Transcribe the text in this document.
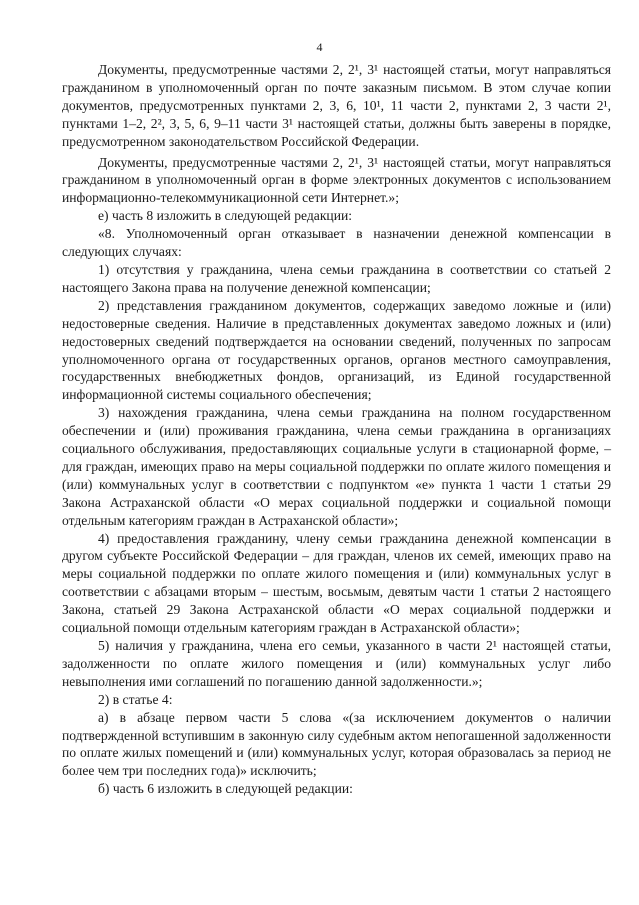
4

Документы, предусмотренные частями 2, 2¹, 3¹ настоящей статьи, могут направляться гражданином в уполномоченный орган по почте заказным письмом. В этом случае копии документов, предусмотренных пунктами 2, 3, 6, 10¹, 11 части 2, пунктами 2, 3 части 2¹, пунктами 1–2, 2², 3, 5, 6, 9–11 части 3¹ настоящей статьи, должны быть заверены в порядке, предусмотренном законодательством Российской Федерации.

Документы, предусмотренные частями 2, 2¹, 3¹ настоящей статьи, могут направляться гражданином в уполномоченный орган в форме электронных документов с использованием информационно-телекоммуникационной сети Интернет.»;

е) часть 8 изложить в следующей редакции:

«8. Уполномоченный орган отказывает в назначении денежной компенсации в следующих случаях:

1) отсутствия у гражданина, члена семьи гражданина в соответствии со статьей 2 настоящего Закона права на получение денежной компенсации;

2) представления гражданином документов, содержащих заведомо ложные и (или) недостоверные сведения. Наличие в представленных документах заведомо ложных и (или) недостоверных сведений подтверждается на основании сведений, полученных по запросам уполномоченного органа от государственных органов, органов местного самоуправления, государственных внебюджетных фондов, организаций, из Единой государственной информационной системы социального обеспечения;

3) нахождения гражданина, члена семьи гражданина на полном государственном обеспечении и (или) проживания гражданина, члена семьи гражданина в организациях социального обслуживания, предоставляющих социальные услуги в стационарной форме, – для граждан, имеющих право на меры социальной поддержки по оплате жилого помещения и (или) коммунальных услуг в соответствии с подпунктом «е» пункта 1 части 1 статьи 29 Закона Астраханской области «О мерах социальной поддержки и социальной помощи отдельным категориям граждан в Астраханской области»;

4) предоставления гражданину, члену семьи гражданина денежной компенсации в другом субъекте Российской Федерации – для граждан, членов их семей, имеющих право на меры социальной поддержки по оплате жилого помещения и (или) коммунальных услуг в соответствии с абзацами вторым – шестым, восьмым, девятым части 1 статьи 2 настоящего Закона, статьей 29 Закона Астраханской области «О мерах социальной поддержки и социальной помощи отдельным категориям граждан в Астраханской области»;

5) наличия у гражданина, члена его семьи, указанного в части 2¹ настоящей статьи, задолженности по оплате жилого помещения и (или) коммунальных услуг либо невыполнения ими соглашений по погашению данной задолженности.»;

2) в статье 4:

а) в абзаце первом части 5 слова «(за исключением документов о наличии подтвержденной вступившим в законную силу судебным актом непогашенной задолженности по оплате жилых помещений и (или) коммунальных услуг, которая образовалась за период не более чем три последних года)» исключить;

б) часть 6 изложить в следующей редакции:
